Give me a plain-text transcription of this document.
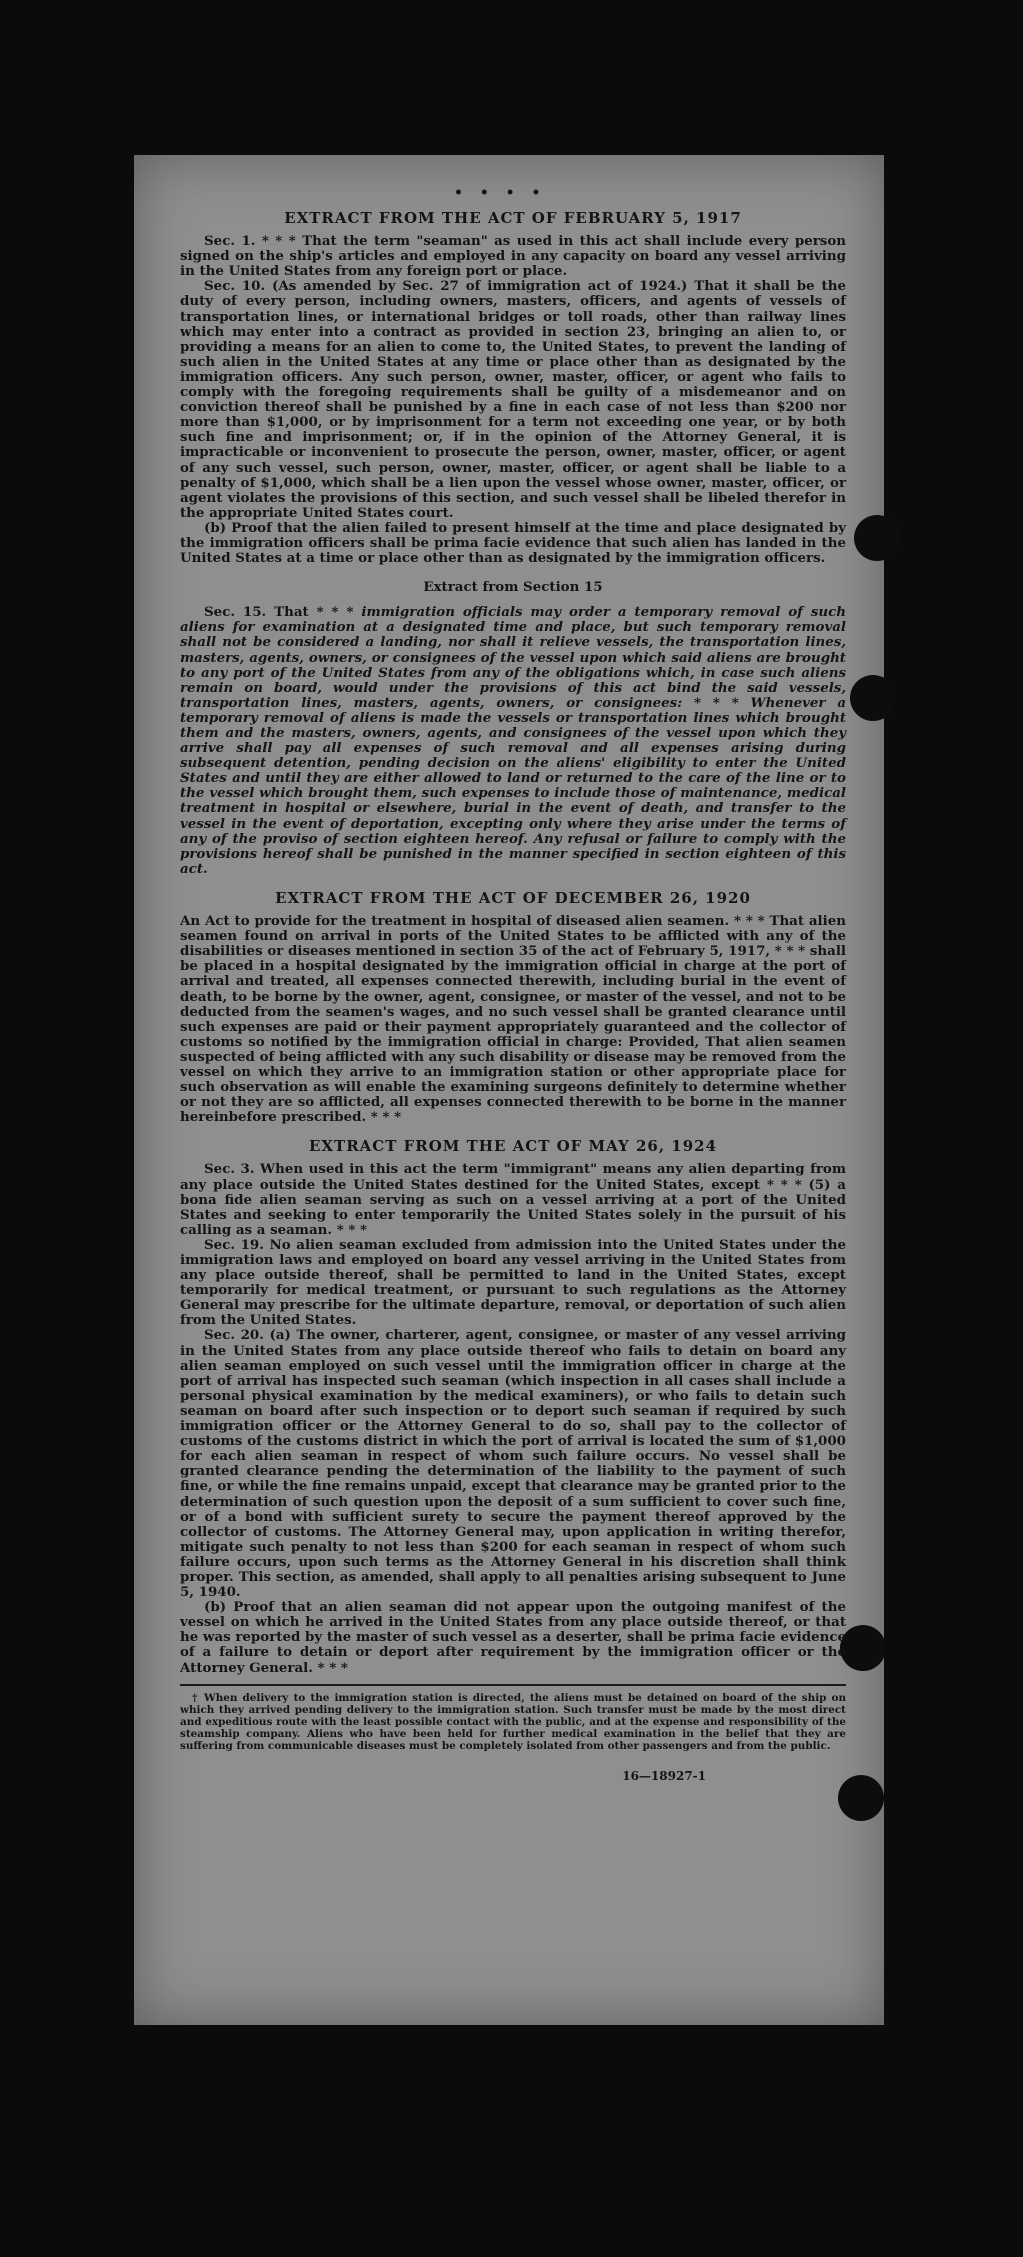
• • • •
EXTRACT FROM THE ACT OF FEBRUARY 5, 1917

Sec. 1. * * * That the term "seaman" as used in this act shall include every person signed on the ship's articles and employed in any capacity on board any vessel arriving in the United States from any foreign port or place.

Sec. 10. (As amended by Sec. 27 of immigration act of 1924.) That it shall be the duty of every person, including owners, masters, officers, and agents of vessels of transportation lines, or international bridges or toll roads, other than railway lines which may enter into a contract as provided in section 23, bringing an alien to, or providing a means for an alien to come to, the United States, to prevent the landing of such alien in the United States at any time or place other than as designated by the immigration officers. Any such person, owner, master, officer, or agent who fails to comply with the foregoing requirements shall be guilty of a misdemeanor and on conviction thereof shall be punished by a fine in each case of not less than $200 nor more than $1,000, or by imprisonment for a term not exceeding one year, or by both such fine and imprisonment; or, if in the opinion of the Attorney General, it is impracticable or inconvenient to prosecute the person, owner, master, officer, or agent of any such vessel, such person, owner, master, officer, or agent shall be liable to a penalty of $1,000, which shall be a lien upon the vessel whose owner, master, officer, or agent violates the provisions of this section, and such vessel shall be libeled therefor in the appropriate United States court.

(b) Proof that the alien failed to present himself at the time and place designated by the immigration officers shall be prima facie evidence that such alien has landed in the United States at a time or place other than as designated by the immigration officers.

Extract from Section 15

Sec. 15. That * * * immigration officials may order a temporary removal of such aliens for examination at a designated time and place, but such temporary removal shall not be considered a landing, nor shall it relieve vessels, the transportation lines, masters, agents, owners, or consignees of the vessel upon which said aliens are brought to any port of the United States from any of the obligations which, in case such aliens remain on board, would under the provisions of this act bind the said vessels, transportation lines, masters, agents, owners, or consignees: * * * Whenever a temporary removal of aliens is made the vessels or transportation lines which brought them and the masters, owners, agents, and consignees of the vessel upon which they arrive shall pay all expenses of such removal and all expenses arising during subsequent detention, pending decision on the aliens' eligibility to enter the United States and until they are either allowed to land or returned to the care of the line or to the vessel which brought them, such expenses to include those of maintenance, medical treatment in hospital or elsewhere, burial in the event of death, and transfer to the vessel in the event of deportation, excepting only where they arise under the terms of any of the proviso of section eighteen hereof. Any refusal or failure to comply with the provisions hereof shall be punished in the manner specified in section eighteen of this act.

EXTRACT FROM THE ACT OF DECEMBER 26, 1920

An Act to provide for the treatment in hospital of diseased alien seamen. * * * That alien seamen found on arrival in ports of the United States to be afflicted with any of the disabilities or diseases mentioned in section 35 of the act of February 5, 1917, * * * shall be placed in a hospital designated by the immigration official in charge at the port of arrival and treated, all expenses connected therewith, including burial in the event of death, to be borne by the owner, agent, consignee, or master of the vessel, and not to be deducted from the seamen's wages, and no such vessel shall be granted clearance until such expenses are paid or their payment appropriately guaranteed and the collector of customs so notified by the immigration official in charge: Provided, That alien seamen suspected of being afflicted with any such disability or disease may be removed from the vessel on which they arrive to an immigration station or other appropriate place for such observation as will enable the examining surgeons definitely to determine whether or not they are so afflicted, all expenses connected therewith to be borne in the manner hereinbefore prescribed. * * *

EXTRACT FROM THE ACT OF MAY 26, 1924

Sec. 3. When used in this act the term "immigrant" means any alien departing from any place outside the United States destined for the United States, except * * * (5) a bona fide alien seaman serving as such on a vessel arriving at a port of the United States and seeking to enter temporarily the United States solely in the pursuit of his calling as a seaman. * * *

Sec. 19. No alien seaman excluded from admission into the United States under the immigration laws and employed on board any vessel arriving in the United States from any place outside thereof, shall be permitted to land in the United States, except temporarily for medical treatment, or pursuant to such regulations as the Attorney General may prescribe for the ultimate departure, removal, or deportation of such alien from the United States.

Sec. 20. (a) The owner, charterer, agent, consignee, or master of any vessel arriving in the United States from any place outside thereof who fails to detain on board any alien seaman employed on such vessel until the immigration officer in charge at the port of arrival has inspected such seaman (which inspection in all cases shall include a personal physical examination by the medical examiners), or who fails to detain such seaman on board after such inspection or to deport such seaman if required by such immigration officer or the Attorney General to do so, shall pay to the collector of customs of the customs district in which the port of arrival is located the sum of $1,000 for each alien seaman in respect of whom such failure occurs. No vessel shall be granted clearance pending the determination of the liability to the payment of such fine, or while the fine remains unpaid, except that clearance may be granted prior to the determination of such question upon the deposit of a sum sufficient to cover such fine, or of a bond with sufficient surety to secure the payment thereof approved by the collector of customs. The Attorney General may, upon application in writing therefor, mitigate such penalty to not less than $200 for each seaman in respect of whom such failure occurs, upon such terms as the Attorney General in his discretion shall think proper. This section, as amended, shall apply to all penalties arising subsequent to June 5, 1940.

(b) Proof that an alien seaman did not appear upon the outgoing manifest of the vessel on which he arrived in the United States from any place outside thereof, or that he was reported by the master of such vessel as a deserter, shall be prima facie evidence of a failure to detain or deport after requirement by the immigration officer or the Attorney General. * * *

† When delivery to the immigration station is directed, the aliens must be detained on board of the ship on which they arrived pending delivery to the immigration station. Such transfer must be made by the most direct and expeditious route with the least possible contact with the public, and at the expense and responsibility of the steamship company. Aliens who have been held for further medical examination in the belief that they are suffering from communicable diseases must be completely isolated from other passengers and from the public.

16—18927-1
